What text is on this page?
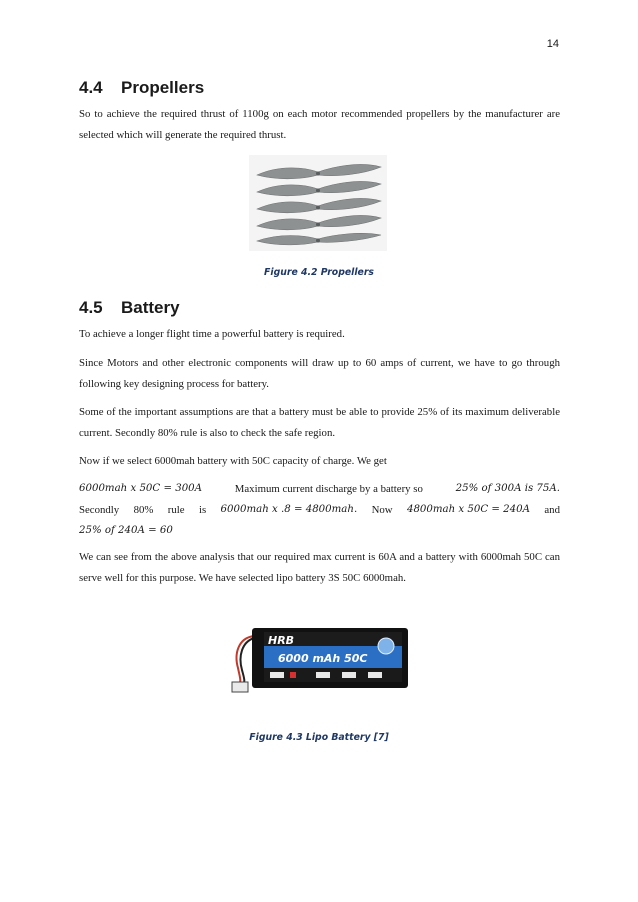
14
4.4 Propellers

So to achieve the required thrust of 1100g on each motor recommended propellers by the manufacturer are selected which will generate the required thrust.

Figure 4.2 Propellers
4.5 Battery

To achieve a longer flight time a powerful battery is required.

Since Motors and other electronic components will draw up to 60 amps of current, we have to go through following key designing process for battery.

Some of the important assumptions are that a battery must be able to provide 25% of its maximum deliverable current. Secondly 80% rule is also to check the safe region.

Now if we select 6000mah battery with 50C capacity of charge. We get

6000mah x 50C = 300A	Maximum current discharge by a battery so	25% of 300A is 75A.
Secondly 80% rule is 6000mah x .8 = 4800mah. Now 4800mah x 50C = 240A and
25% of 240A = 60

We can see from the above analysis that our required max current is 60A and a battery with 6000mah 50C can serve well for this purpose. We have selected lipo battery 3S 50C 6000mah.

HRB
6000 mAh 50C
Figure 4.3 Lipo Battery [7]
